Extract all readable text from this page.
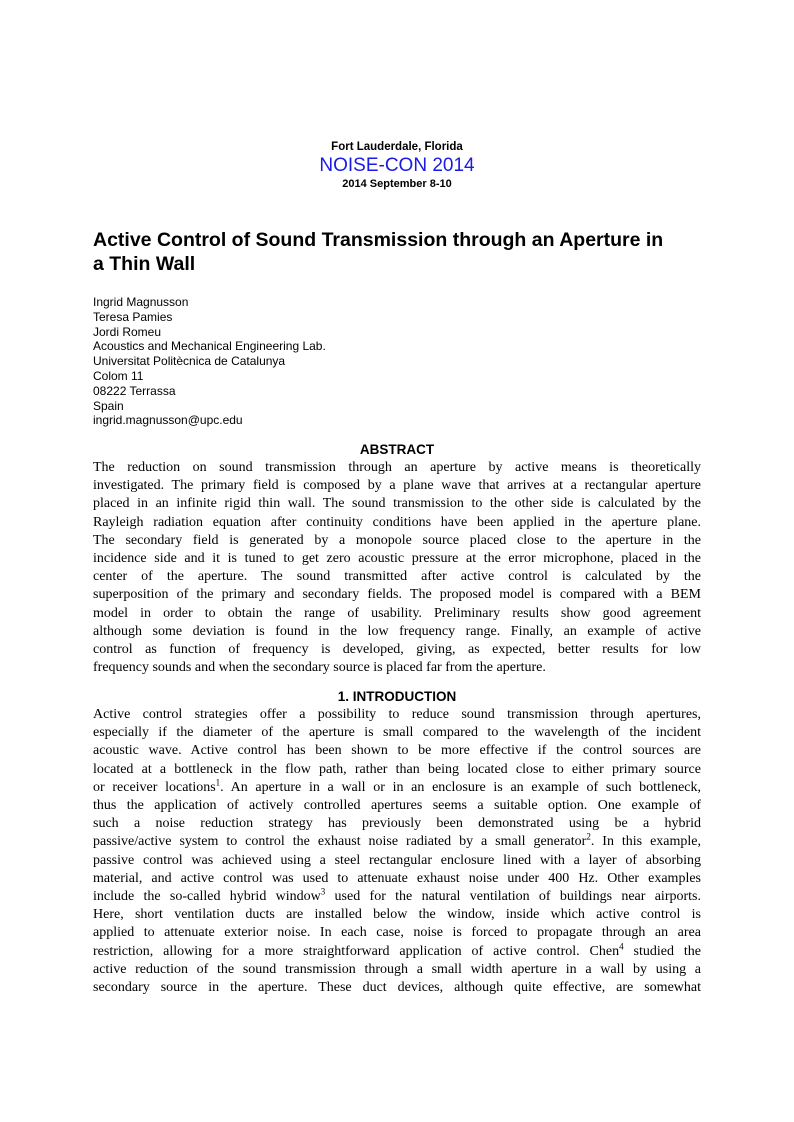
Fort Lauderdale, Florida
NOISE-CON 2014
2014 September 8-10
Active Control of Sound Transmission through an Aperture in
a Thin Wall
Ingrid Magnusson
Teresa Pamies
Jordi Romeu
Acoustics and Mechanical Engineering Lab.
Universitat Politècnica de Catalunya
Colom 11
08222 Terrassa
Spain
ingrid.magnusson@upc.edu
ABSTRACT
The reduction on sound transmission through an aperture by active means is theoretically
investigated. The primary field is composed by a plane wave that arrives at a rectangular aperture
placed in an infinite rigid thin wall. The sound transmission to the other side is calculated by the
Rayleigh radiation equation after continuity conditions have been applied in the aperture plane.
The secondary field is generated by a monopole source placed close to the aperture in the
incidence side and it is tuned to get zero acoustic pressure at the error microphone, placed in the
center of the aperture. The sound transmitted after active control is calculated by the
superposition of the primary and secondary fields. The proposed model is compared with a BEM
model in order to obtain the range of usability. Preliminary results show good agreement
although some deviation is found in the low frequency range. Finally, an example of active
control as function of frequency is developed, giving, as expected, better results for low
frequency sounds and when the secondary source is placed far from the aperture.
1. INTRODUCTION
Active control strategies offer a possibility to reduce sound transmission through apertures,
especially if the diameter of the aperture is small compared to the wavelength of the incident
acoustic wave. Active control has been shown to be more effective if the control sources are
located at a bottleneck in the flow path, rather than being located close to either primary source
or receiver locations$^1$. An aperture in a wall or in an enclosure is an example of such bottleneck,
thus the application of actively controlled apertures seems a suitable option. One example of
such a noise reduction strategy has previously been demonstrated using be a hybrid
passive/active system to control the exhaust noise radiated by a small generator$^2$. In this example,
passive control was achieved using a steel rectangular enclosure lined with a layer of absorbing
material, and active control was used to attenuate exhaust noise under 400 Hz. Other examples
include the so-called hybrid window$^3$ used for the natural ventilation of buildings near airports.
Here, short ventilation ducts are installed below the window, inside which active control is
applied to attenuate exterior noise. In each case, noise is forced to propagate through an area
restriction, allowing for a more straightforward application of active control. Chen$^4$ studied the
active reduction of the sound transmission through a small width aperture in a wall by using a
secondary source in the aperture. These duct devices, although quite effective, are somewhat
